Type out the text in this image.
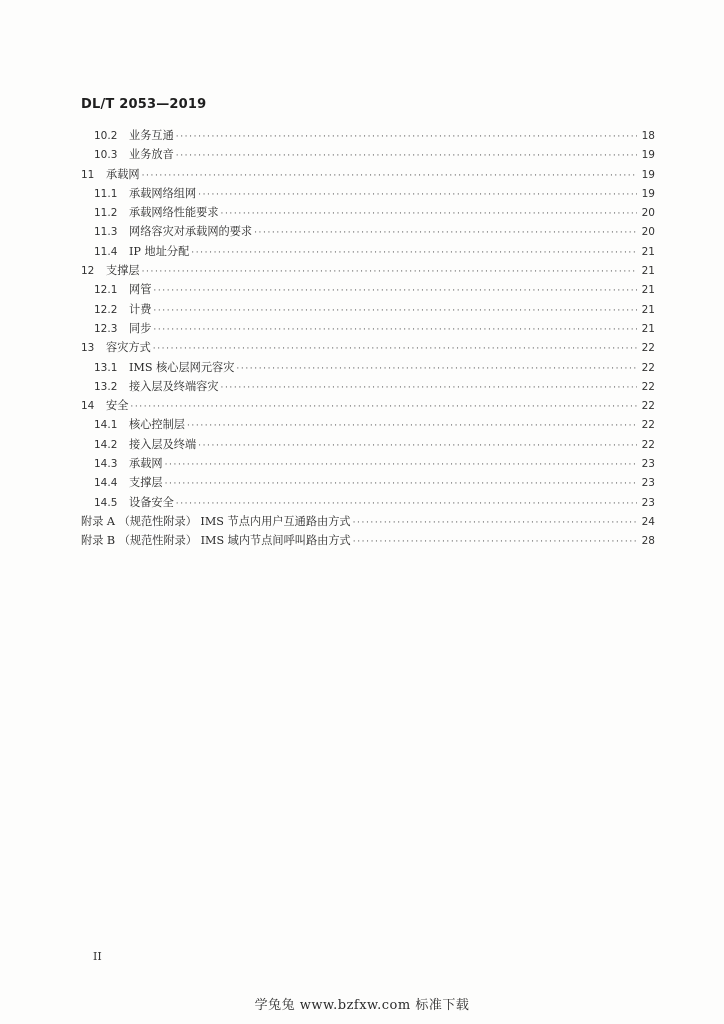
DL/T 2053—2019
10.2	业务互通 ·····	18
10.3	业务放音 ·····	19
11	承载网 ·····	19
11.1	承载网络组网 ·····	19
11.2	承载网络性能要求 ·····	20
11.3	网络容灾对承载网的要求 ·····	20
11.4	IP 地址分配 ·····	21
12	支撑层 ·····	21
12.1	网管 ·····	21
12.2	计费 ·····	21
12.3	同步 ·····	21
13	容灾方式 ·····	22
13.1	IMS 核心层网元容灾 ·····	22
13.2	接入层及终端容灾 ·····	22
14	安全 ·····	22
14.1	核心控制层 ·····	22
14.2	接入层及终端 ·····	22
14.3	承载网 ·····	23
14.4	支撑层 ·····	23
14.5	设备安全 ·····	23
附录 A （规范性附录） IMS 节点内用户互通路由方式 ·····	24
附录 B （规范性附录） IMS 域内节点间呼叫路由方式 ·····	28
II
学兔兔 www.bzfxw.com 标准下载
